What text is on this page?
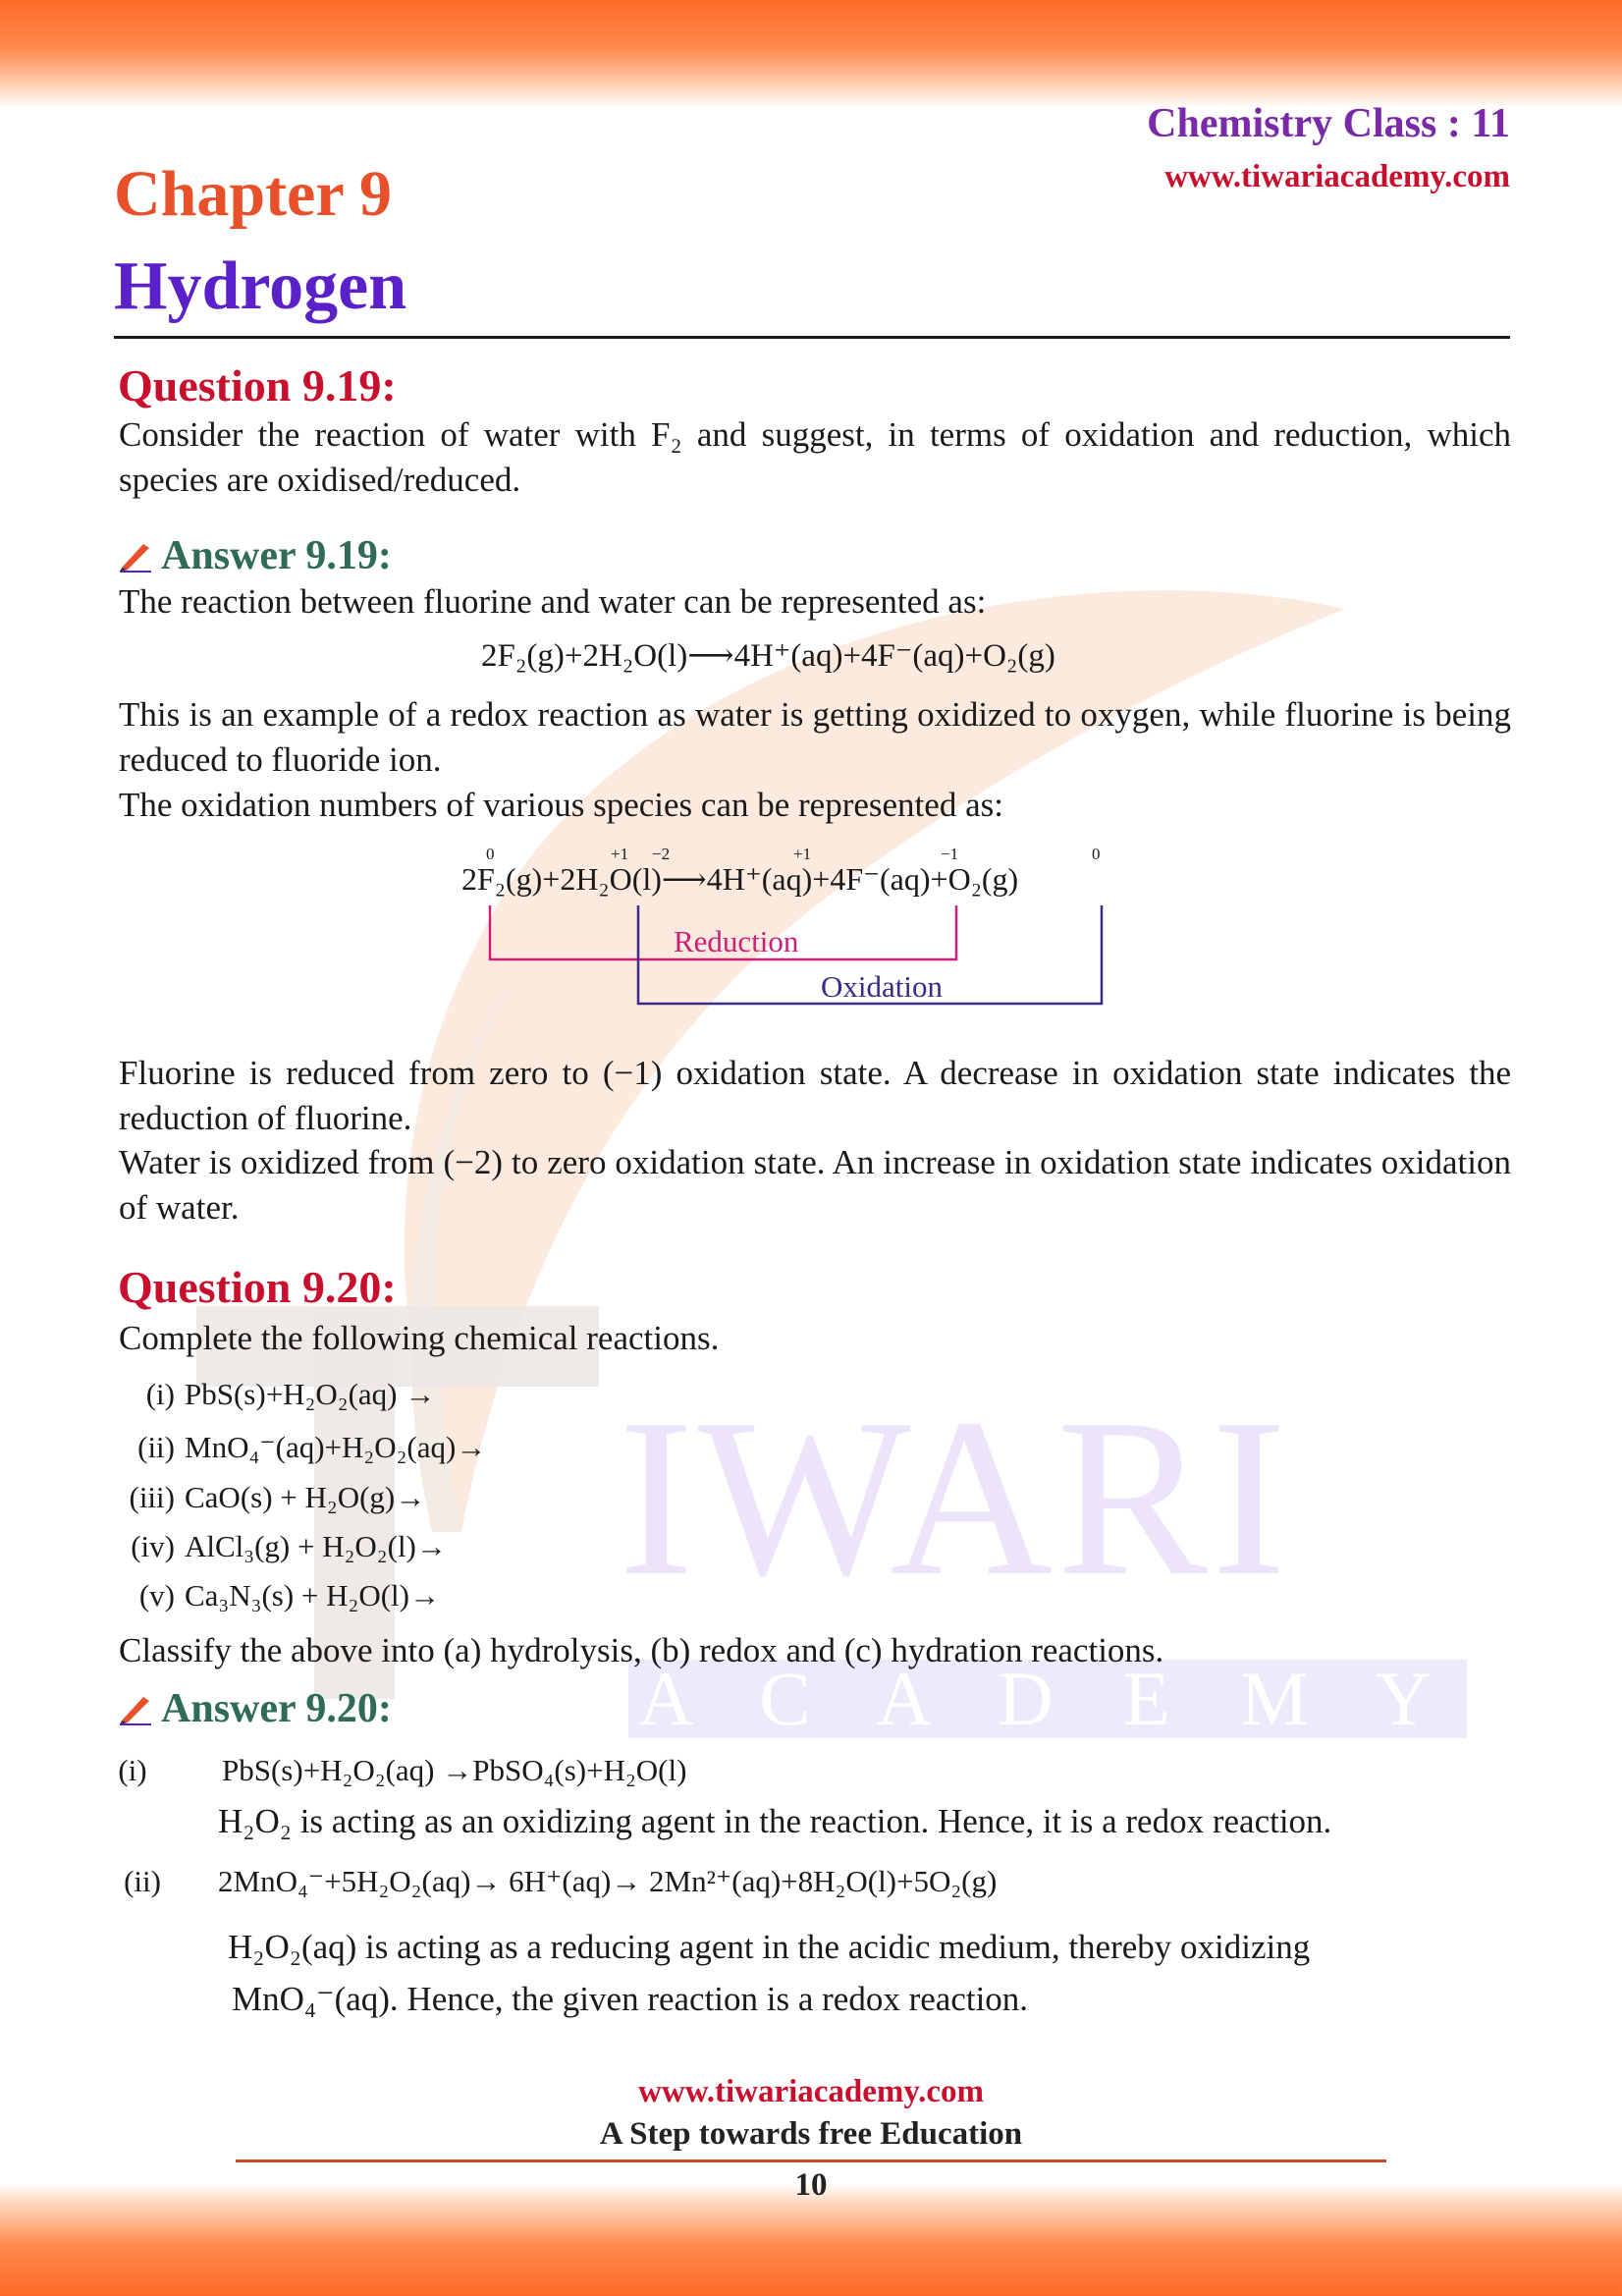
IWARI
A C A D E M Y
Chemistry Class : 11
www.tiwariacademy.com
Chapter 9
Hydrogen
Question 9.19:
Consider the reaction of water with F₂ and suggest, in terms of oxidation and reduction, which species are oxidised/reduced.
Answer 9.19:
The reaction between fluorine and water can be represented as:
2F₂(g)+2H₂O(l)⟶4H⁺(aq)+4F⁻(aq)+O₂(g)
This is an example of a redox reaction as water is getting oxidized to oxygen, while fluorine is being reduced to fluoride ion.
The oxidation numbers of various species can be represented as:
0	+1 −2	+1	−1	0
2F₂(g)+2H₂O(l)⟶4H⁺(aq)+4F⁻(aq)+O₂(g)
Reduction
Oxidation
Fluorine is reduced from zero to (−1) oxidation state. A decrease in oxidation state indicates the reduction of fluorine.
Water is oxidized from (−2) to zero oxidation state. An increase in oxidation state indicates oxidation of water.
Question 9.20:
Complete the following chemical reactions.
(i) PbS(s)+H₂O₂(aq) →
(ii) MnO₄⁻(aq)+H₂O₂(aq)→
(iii) CaO(s) + H₂O(g)→
(iv) AlCl₃(g) + H₂O₂(l)→
(v) Ca₃N₃(s) + H₂O(l)→
Classify the above into (a) hydrolysis, (b) redox and (c) hydration reactions.
Answer 9.20:
(i)	PbS(s)+H₂O₂(aq) →PbSO₄(s)+H₂O(l)
H₂O₂ is acting as an oxidizing agent in the reaction. Hence, it is a redox reaction.
(ii)	2MnO₄⁻+5H₂O₂(aq)→ 6H⁺(aq)→ 2Mn²⁺(aq)+8H₂O(l)+5O₂(g)
H₂O₂(aq) is acting as a reducing agent in the acidic medium, thereby oxidizing
MnO₄⁻(aq). Hence, the given reaction is a redox reaction.
www.tiwariacademy.com
A Step towards free Education
10
